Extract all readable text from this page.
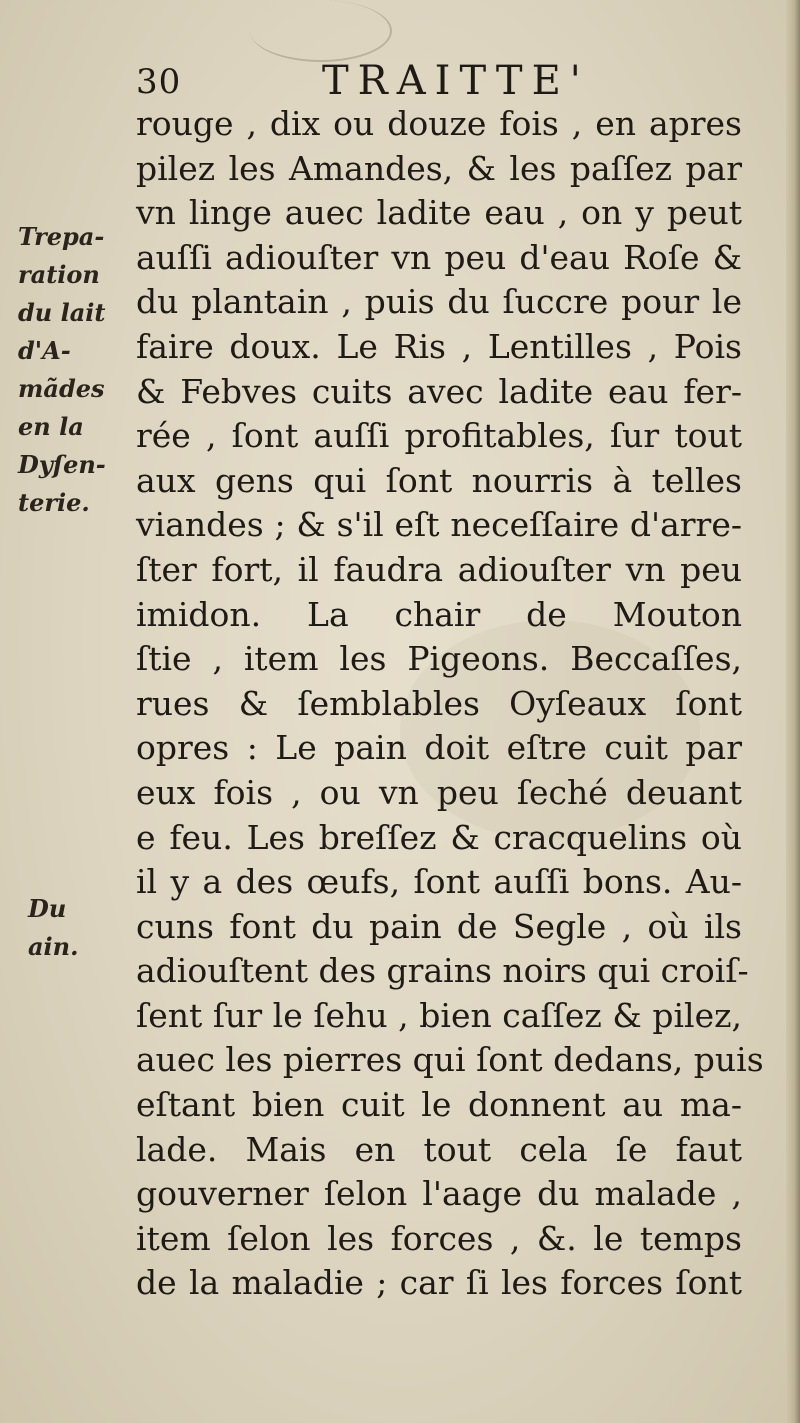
30	TRAITTE'
Trepa-
ration
du lait
d'A-
mãdes
en la
Dyſen-
terie.
Du
ain.
rouge , dix ou douze fois , en apres
pilez les Amandes, & les paſſez par
vn linge auec ladite eau , on y peut
auſſi adiouſter vn peu d'eau Roſe &
du plantain , puis du ſuccre pour le
faire doux. Le Ris , Lentilles , Pois
& Febves cuits avec ladite eau fer-
rée , ſont auſſi profitables, ſur tout
aux gens qui ſont nourris à telles
viandes ; & s'il eſt neceſſaire d'arre-
ſter fort, il faudra adiouſter vn peu
imidon. La chair de Mouton
ſtie , item les Pigeons. Beccaſſes,
rues & ſemblables Oyſeaux ſont
opres : Le pain doit eſtre cuit par
eux fois , ou vn peu ſeché deuant
e feu. Les breſſez & cracquelins où
il y a des œufs, ſont auſſi bons. Au-
cuns font du pain de Segle , où ils
adiouſtent des grains noirs qui croiſ-
ſent ſur le ſehu , bien caſſez & pilez,
auec les pierres qui ſont dedans, puis
eſtant bien cuit le donnent au ma-
lade. Mais en tout cela ſe faut
gouverner ſelon l'aage du malade ,
item ſelon les forces , &. le temps
de la maladie ; car ſi les forces ſont
